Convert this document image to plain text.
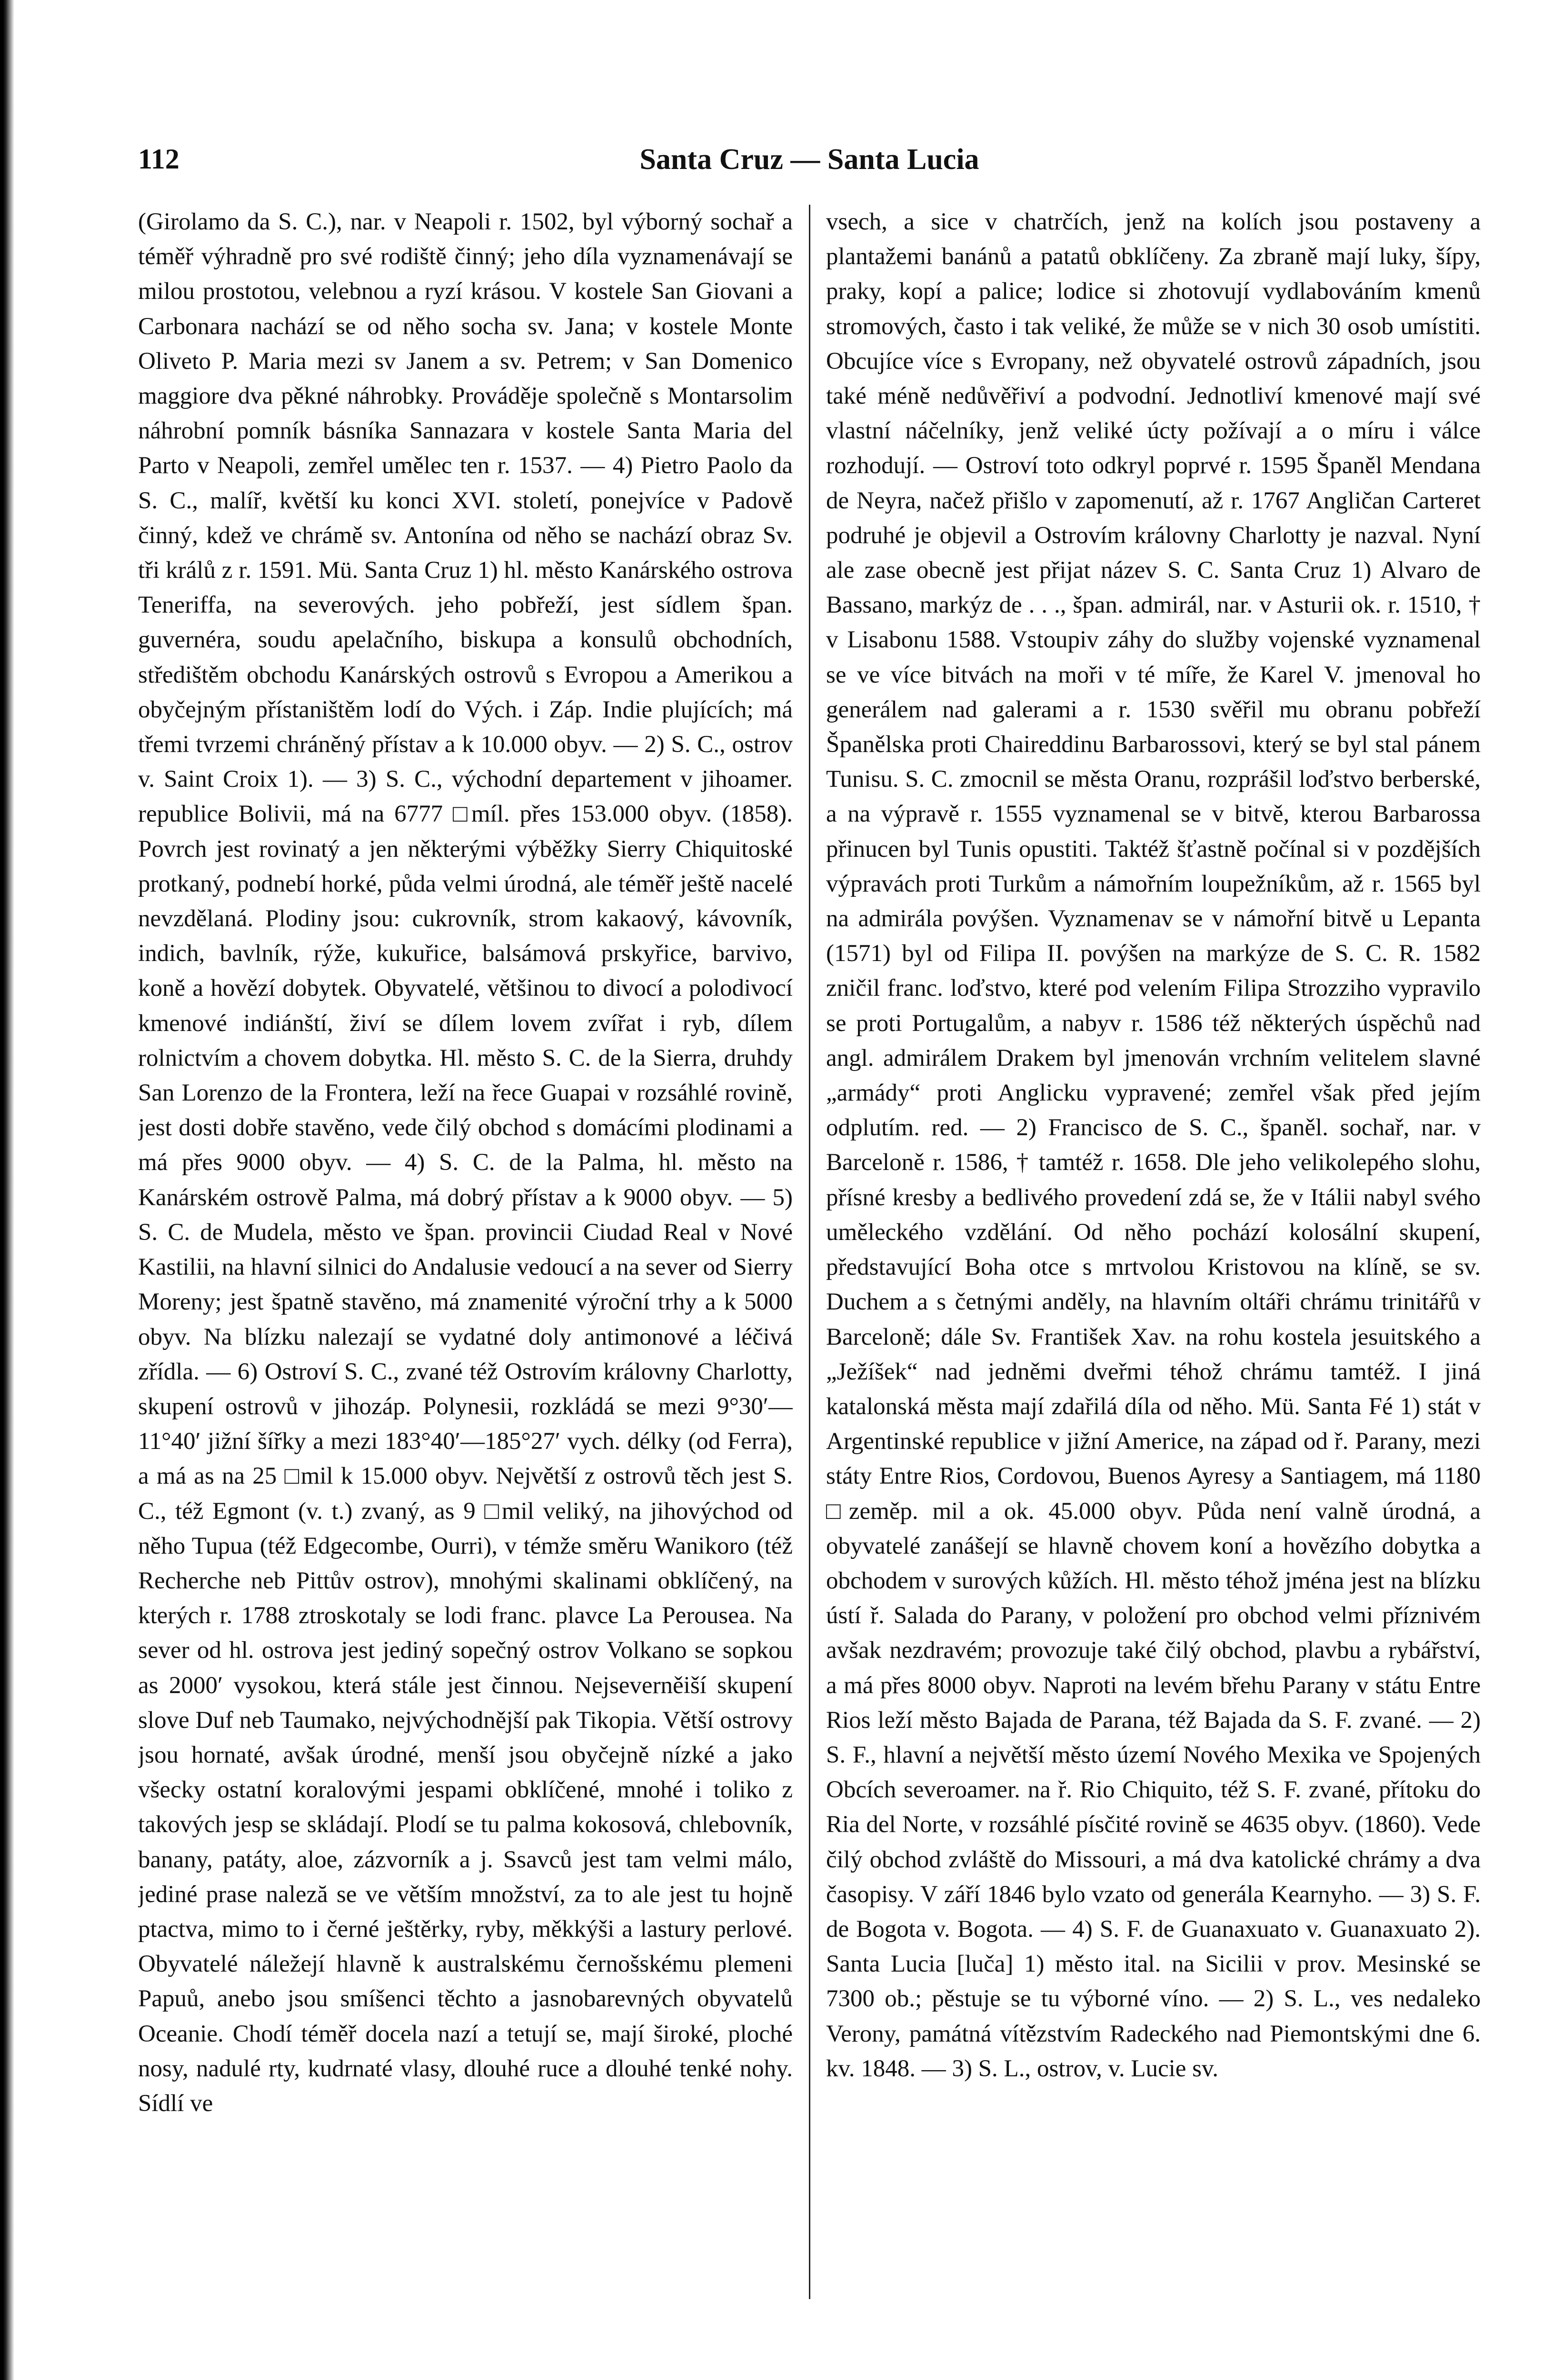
112	Santa Cruz — Santa Lucia

(Girolamo da S. C.), nar. v Neapoli r. 1502, byl výborný sochař a téměř výhradně pro své rodiště činný; jeho díla vyznamenávají se milou prostotou, velebnou a ryzí krásou. V kostele San Giovani a Carbonara nachází se od něho socha sv. Jana; v kostele Monte Oliveto P. Maria mezi sv Janem a sv. Petrem; v San Domenico maggiore dva pěkné náhrobky. Prováděje společně s Montarsolim náhrobní pomník básníka Sannazara v kostele Santa Maria del Parto v Neapoli, zemřel umělec ten r. 1537. — 4) Pietro Paolo da S. C., malíř, květší ku konci XVI. století, ponejvíce v Padově činný, kdež ve chrámě sv. Antonína od něho se nachází obraz Sv. tři králů z r. 1591. Mü. Santa Cruz 1) hl. město Kanárského ostrova Teneriffa, na severových. jeho pobřeží, jest sídlem špan. guvernéra, soudu apelačního, biskupa a konsulů obchodních, středištěm obchodu Kanárských ostrovů s Evropou a Amerikou a obyčejným přístaništěm lodí do Vých. i Záp. Indie plujících; má třemi tvrzemi chráněný přístav a k 10.000 obyv. — 2) S. C., ostrov v. Saint Croix 1). — 3) S. C., východní departement v jihoamer. republice Bolivii, má na 6777 □míl. přes 153.000 obyv. (1858). Povrch jest rovinatý a jen některými výběžky Sierry Chiquitoské protkaný, podnebí horké, půda velmi úrodná, ale téměř ještě nacelé nevzdělaná. Plodiny jsou: cukrovník, strom kakaový, kávovník, indich, bavlník, rýže, kukuřice, balsámová prskyřice, barvivo, koně a hovězí dobytek. Obyvatelé, většinou to divocí a polodivocí kmenové indiánští, živí se dílem lovem zvířat i ryb, dílem rolnictvím a chovem dobytka. Hl. město S. C. de la Sierra, druhdy San Lorenzo de la Frontera, leží na řece Guapai v rozsáhlé rovině, jest dosti dobře stavěno, vede čilý obchod s domácími plodinami a má přes 9000 obyv. — 4) S. C. de la Palma, hl. město na Kanárském ostrově Palma, má dobrý přístav a k 9000 obyv. — 5) S. C. de Mudela, město ve špan. provincii Ciudad Real v Nové Kastilii, na hlavní silnici do Andalusie vedoucí a na sever od Sierry Moreny; jest špatně stavěno, má znamenité výroční trhy a k 5000 obyv. Na blízku nalezají se vydatné doly antimonové a léčivá zřídla. — 6) Ostroví S. C., zvané též Ostrovím královny Charlotty, skupení ostrovů v jihozáp. Polynesii, rozkládá se mezi 9°30′—11°40′ jižní šířky a mezi 183°40′—185°27′ vych. délky (od Ferra), a má as na 25 □mil k 15.000 obyv. Největší z ostrovů těch jest S. C., též Egmont (v. t.) zvaný, as 9 □mil veliký, na jihovýchod od něho Tupua (též Edgecombe, Ourri), v témže směru Wanikoro (též Recherche neb Pittův ostrov), mnohými skalinami obklíčený, na kterých r. 1788 ztroskotaly se lodi franc. plavce La Perousea. Na sever od hl. ostrova jest jediný sopečný ostrov Volkano se sopkou as 2000′ vysokou, která stále jest činnou. Nejseverněiší skupení slove Duf neb Taumako, nejvýchodnější pak Tikopia. Větší ostrovy jsou hornaté, avšak úrodné, menší jsou obyčejně nízké a jako všecky ostatní koralovými jespami obklíčené, mnohé i toliko z takových jesp se skládají. Plodí se tu palma kokosová, chlebovník, banany, patáty, aloe, zázvorník a j. Ssavců jest tam velmi málo, jediné prase naleză se ve větším množství, za to ale jest tu hojně ptactva, mimo to i černé ještěrky, ryby, měkkýši a lastury perlové. Obyvatelé náležejí hlavně k australskému černošskému plemeni Papuů, anebo jsou smíšenci těchto a jasnobarevných obyvatelů Oceanie. Chodí téměř docela nazí a tetují se, mají široké, ploché nosy, nadulé rty, kudrnaté vlasy, dlouhé ruce a dlouhé tenké nohy. Sídlí ve

vsech, a sice v chatrčích, jenž na kolích jsou postaveny a plantažemi banánů a patatů obklíčeny. Za zbraně mají luky, šípy, praky, kopí a palice; lodice si zhotovují vydlabováním kmenů stromových, často i tak veliké, že může se v nich 30 osob umístiti. Obcujíce více s Evropany, než obyvatelé ostrovů západních, jsou také méně nedůvěřiví a podvodní. Jednotliví kmenové mají své vlastní náčelníky, jenž veliké úcty požívají a o míru i válce rozhodují. — Ostroví toto odkryl poprvé r. 1595 Španěl Mendana de Neyra, načež přišlo v zapomenutí, až r. 1767 Angličan Carteret podruhé je objevil a Ostrovím královny Charlotty je nazval. Nyní ale zase obecně jest přijat název S. C. Santa Cruz 1) Alvaro de Bassano, markýz de . . ., špan. admirál, nar. v Asturii ok. r. 1510, † v Lisabonu 1588. Vstoupiv záhy do služby vojenské vyznamenal se ve více bitvách na moři v té míře, že Karel V. jmenoval ho generálem nad galerami a r. 1530 svěřil mu obranu pobřeží Španělska proti Chaireddinu Barbarossovi, který se byl stal pánem Tunisu. S. C. zmocnil se města Oranu, rozprášil loďstvo berberské, a na výpravě r. 1555 vyznamenal se v bitvě, kterou Barbarossa přinucen byl Tunis opustiti. Taktéž šťastně počínal si v pozdějších výpravách proti Turkům a námořním loupežníkům, až r. 1565 byl na admirála povýšen. Vyznamenav se v námořní bitvě u Lepanta (1571) byl od Filipa II. povýšen na markýze de S. C. R. 1582 zničil franc. loďstvo, které pod velením Filipa Strozziho vypravilo se proti Portugalům, a nabyv r. 1586 též některých úspěchů nad angl. admirálem Drakem byl jmenován vrchním velitelem slavné „armády“ proti Anglicku vypravené; zemřel však před jejím odplutím. red. — 2) Francisco de S. C., španěl. sochař, nar. v Barceloně r. 1586, † tamtéž r. 1658. Dle jeho velikolepého slohu, přísné kresby a bedlivého provedení zdá se, že v Itálii nabyl svého uměleckého vzdělání. Od něho pochází kolosální skupení, představující Boha otce s mrtvolou Kristovou na klíně, se sv. Duchem a s četnými anděly, na hlavním oltáři chrámu trinitářů v Barceloně; dále Sv. František Xav. na rohu kostela jesuitského a „Ježíšek“ nad jedněmi dveřmi téhož chrámu tamtéž. I jiná katalonská města mají zdařilá díla od něho. Mü. Santa Fé 1) stát v Argentinské republice v jižní Americe, na západ od ř. Parany, mezi státy Entre Rios, Cordovou, Buenos Ayresy a Santiagem, má 1180 □zeměp. mil a ok. 45.000 obyv. Půda není valně úrodná, a obyvatelé zanášejí se hlavně chovem koní a hovězího dobytka a obchodem v surových kůžích. Hl. město téhož jména jest na blízku ústí ř. Salada do Parany, v položení pro obchod velmi příznivém avšak nezdravém; provozuje také čilý obchod, plavbu a rybářství, a má přes 8000 obyv. Naproti na levém břehu Parany v státu Entre Rios leží město Bajada de Parana, též Bajada da S. F. zvané. — 2) S. F., hlavní a největší město území Nového Mexika ve Spojených Obcích severoamer. na ř. Rio Chiquito, též S. F. zvané, přítoku do Ria del Norte, v rozsáhlé písčité rovině se 4635 obyv. (1860). Vede čilý obchod zvláště do Missouri, a má dva katolické chrámy a dva časopisy. V září 1846 bylo vzato od generála Kearnyho. — 3) S. F. de Bogota v. Bogota. — 4) S. F. de Guanaxuato v. Guanaxuato 2). Santa Lucia [luča] 1) město ital. na Sicilii v prov. Mesinské se 7300 ob.; pěstuje se tu výborné víno. — 2) S. L., ves nedaleko Verony, památná vítězstvím Radeckého nad Piemontskými dne 6. kv. 1848. — 3) S. L., ostrov, v. Lucie sv.
